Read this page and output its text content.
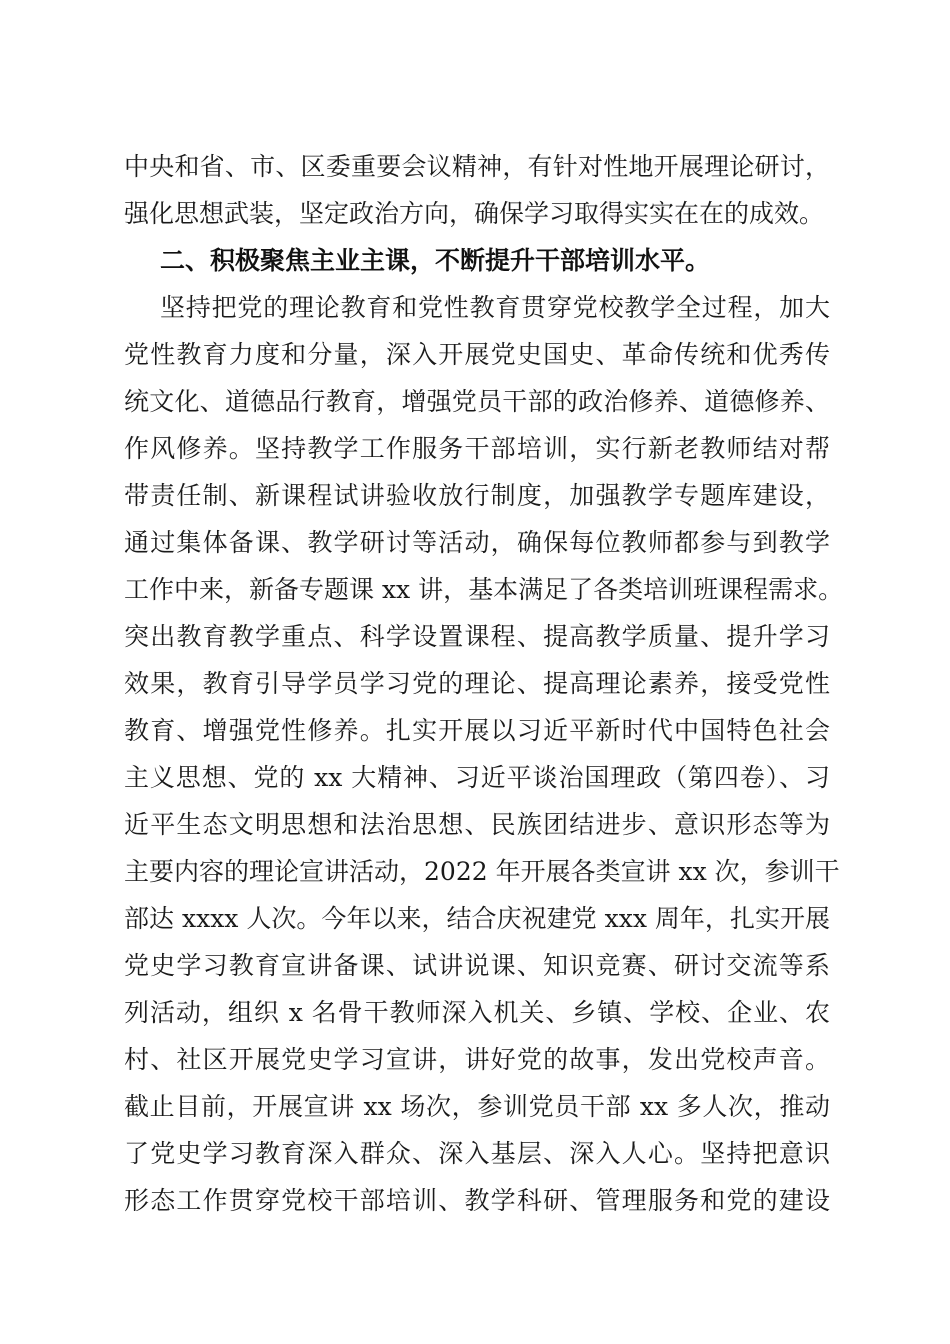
中央和省、市、区委重要会议精神，有针对性地开展理论研讨，
强化思想武装，坚定政治方向，确保学习取得实实在在的成效。
二、积极聚焦主业主课，不断提升干部培训水平。
坚持把党的理论教育和党性教育贯穿党校教学全过程，加大
党性教育力度和分量，深入开展党史国史、革命传统和优秀传
统文化、道德品行教育，增强党员干部的政治修养、道德修养、
作风修养。坚持教学工作服务干部培训，实行新老教师结对帮
带责任制、新课程试讲验收放行制度，加强教学专题库建设，
通过集体备课、教学研讨等活动，确保每位教师都参与到教学
工作中来，新备专题课 xx 讲，基本满足了各类培训班课程需求。
突出教育教学重点、科学设置课程、提高教学质量、提升学习
效果，教育引导学员学习党的理论、提高理论素养，接受党性
教育、增强党性修养。扎实开展以习近平新时代中国特色社会
主义思想、党的 xx 大精神、习近平谈治国理政（第四卷）、习
近平生态文明思想和法治思想、民族团结进步、意识形态等为
主要内容的理论宣讲活动，2022 年开展各类宣讲 xx 次，参训干
部达 xxxx 人次。今年以来，结合庆祝建党 xxx 周年，扎实开展
党史学习教育宣讲备课、试讲说课、知识竞赛、研讨交流等系
列活动，组织 x 名骨干教师深入机关、乡镇、学校、企业、农
村、社区开展党史学习宣讲，讲好党的故事，发出党校声音。
截止目前，开展宣讲 xx 场次，参训党员干部 xx 多人次，推动
了党史学习教育深入群众、深入基层、深入人心。坚持把意识
形态工作贯穿党校干部培训、教学科研、管理服务和党的建设
